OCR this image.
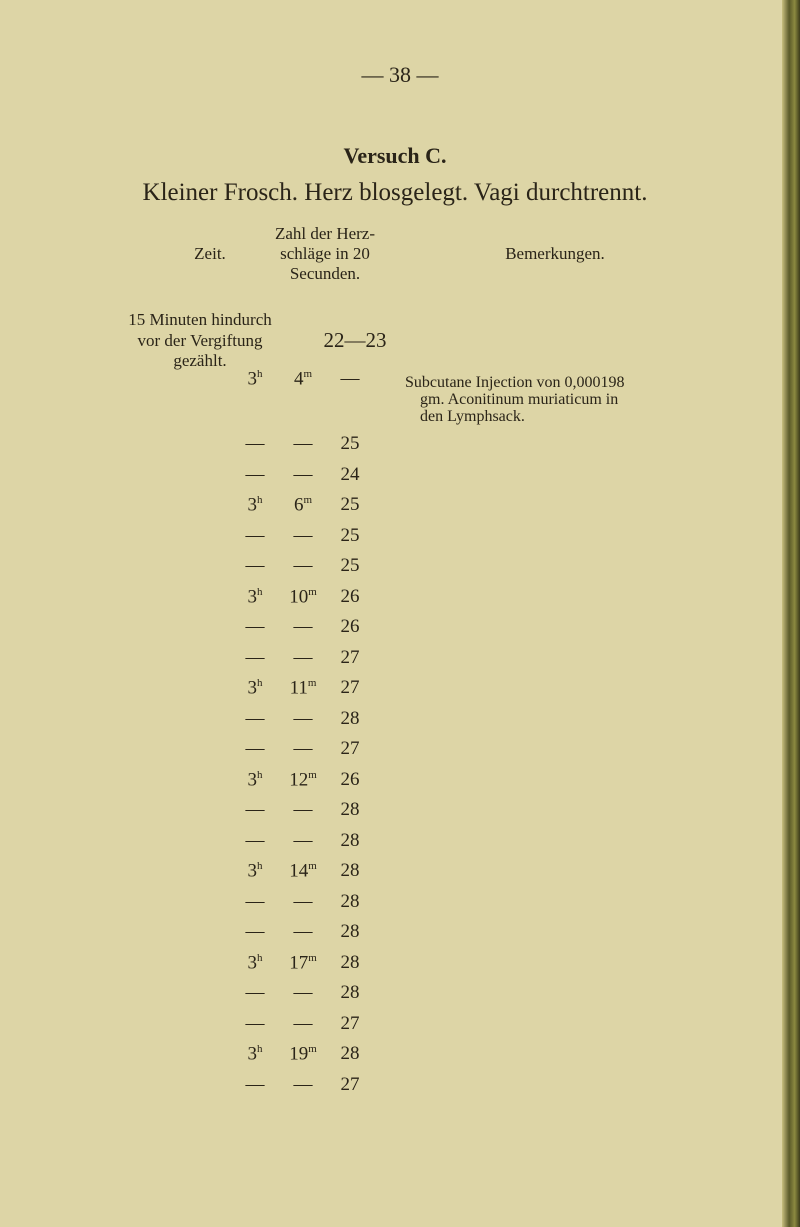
— 38 —
Versuch C.
Kleiner Frosch. Herz blosgelegt. Vagi durchtrennt.
Zeit.
Zahl der Herz-
schläge in 20
Secunden.
Bemerkungen.
15 Minuten hindurch
vor der Vergiftung
gezählt.
22—23
3$^h$	4$^m$	—	Subcutane Injection von 0,000198
gm. Aconitinum muriaticum in
den Lymphsack.
—	—	25
—	—	24
3$^h$	6$^m$	25
—	—	25
—	—	25
3$^h$	10$^m$	26
—	—	26
—	—	27
3$^h$	11$^m$	27
—	—	28
—	—	27
3$^h$	12$^m$	26
—	—	28
—	—	28
3$^h$	14$^m$	28
—	—	28
—	—	28
3$^h$	17$^m$	28
—	—	28
—	—	27
3$^h$	19$^m$	28
—	—	27
